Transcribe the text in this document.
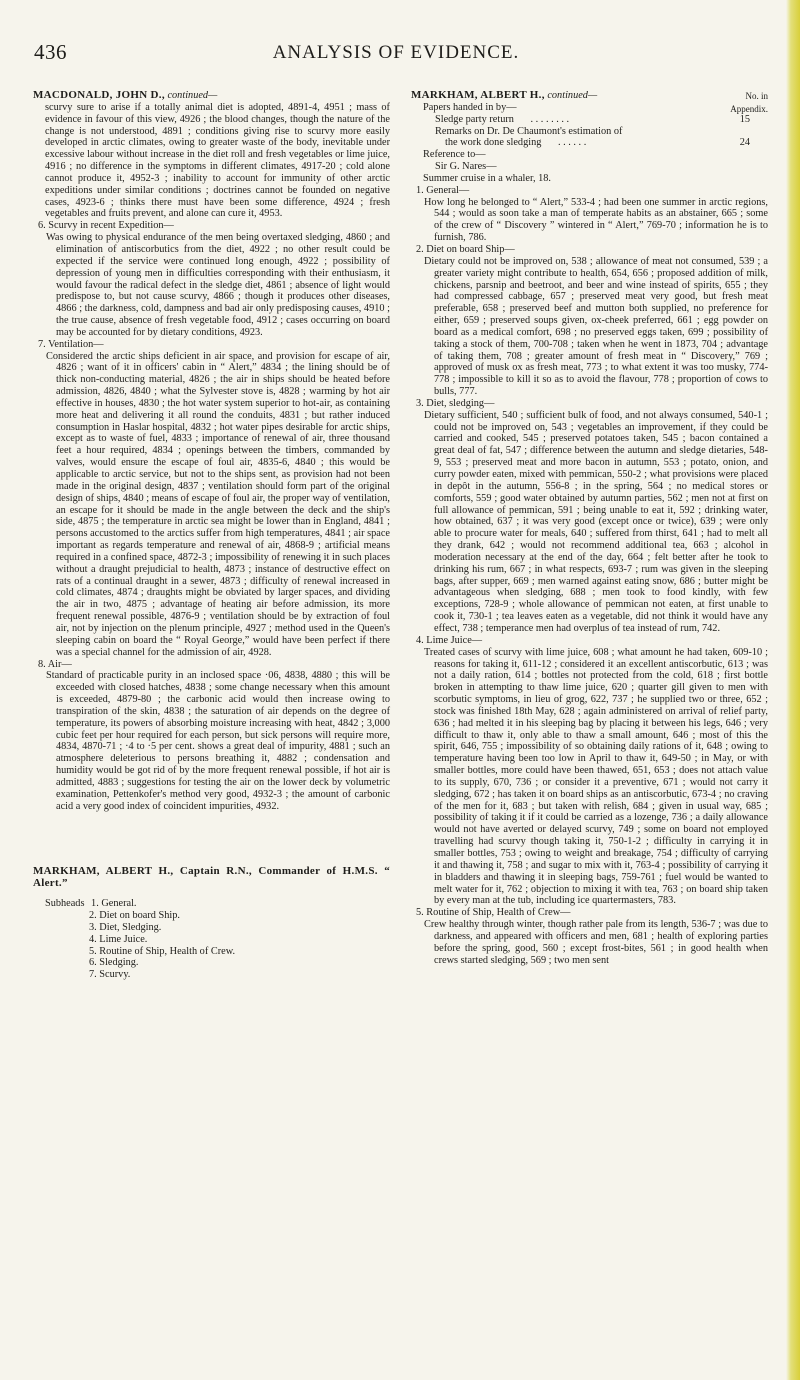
436	ANALYSIS OF EVIDENCE.

MACDONALD, JOHN D., continued—

scurvy sure to arise if a totally animal diet is adopted, 4891-4, 4951 ; mass of evidence in favour of this view, 4926 ; the blood changes, though the nature of the change is not understood, 4891 ; conditions giving rise to scurvy more easily developed in arctic climates, owing to greater waste of the body, inevitable under excessive labour without increase in the diet roll and fresh vegetables or lime juice, 4916 ; no difference in the symptoms in different climates, 4917-20 ; cold alone cannot produce it, 4952-3 ; inability to account for immunity of other arctic expeditions under similar conditions ; doctrines cannot be founded on negative cases, 4923-6 ; thinks there must have been some difference, 4924 ; fresh vegetables and fruits prevent, and alone can cure it, 4953.

6. Scurvy in recent Expedition—

Was owing to physical endurance of the men being overtaxed sledging, 4860 ; and elimination of antiscorbutics from the diet, 4922 ; no other result could be expected if the service were continued long enough, 4922 ; possibility of depression of young men in difficulties corresponding with their enthusiasm, it would favour the radical defect in the sledge diet, 4861 ; absence of light would predispose to, but not cause scurvy, 4866 ; though it produces other diseases, 4866 ; the darkness, cold, dampness and bad air only predisposing causes, 4910 ; the true cause, absence of fresh vegetable food, 4912 ; cases occurring on board may be accounted for by dietary conditions, 4923.

7. Ventilation—

Considered the arctic ships deficient in air space, and provision for escape of air, 4826 ; want of it in officers' cabin in “ Alert,” 4834 ; the lining should be of thick non-conducting material, 4826 ; the air in ships should be heated before admission, 4826, 4840 ; what the Sylvester stove is, 4828 ; warming by hot air effective in houses, 4830 ; the hot water system superior to hot-air, as containing more heat and delivering it all round the conduits, 4831 ; but rather induced consumption in Haslar hospital, 4832 ; hot water pipes desirable for arctic ships, except as to waste of fuel, 4833 ; importance of renewal of air, three thousand feet a hour required, 4834 ; openings between the timbers, commanded by valves, would ensure the escape of foul air, 4835-6, 4840 ; this would be applicable to arctic service, but not to the ships sent, as provision had not been made in the original design, 4837 ; ventilation should form part of the original design of ships, 4840 ; means of escape of foul air, the proper way of ventilation, an escape for it should be made in the angle between the deck and the ship's side, 4875 ; the temperature in arctic sea might be lower than in England, 4841 ; persons accustomed to the arctics suffer from high temperatures, 4841 ; air space important as regards temperature and renewal of air, 4868-9 ; artificial means required in a confined space, 4872-3 ; impossibility of renewing it in such places without a draught prejudicial to health, 4873 ; instance of destructive effect on rats of a continual draught in a sewer, 4873 ; difficulty of renewal increased in cold climates, 4874 ; draughts might be obviated by larger spaces, and dividing the air in two, 4875 ; advantage of heating air before admission, its more frequent renewal possible, 4876-9 ; ventilation should be by extraction of foul air, not by injection on the plenum principle, 4927 ; method used in the Queen's sleeping cabin on board the “ Royal George,” would have been perfect if there was a special channel for the admission of air, 4928.

8. Air—

Standard of practicable purity in an inclosed space ·06, 4838, 4880 ; this will be exceeded with closed hatches, 4838 ; some change necessary when this amount is exceeded, 4879-80 ; the carbonic acid would then increase owing to transpiration of the skin, 4838 ; the saturation of air depends on the degree of temperature, its powers of absorbing moisture increasing with heat, 4842 ; 3,000 cubic feet per hour required for each person, but sick persons will require more, 4834, 4870-71 ; ·4 to ·5 per cent. shows a great deal of impurity, 4881 ; such an atmosphere deleterious to persons breathing it, 4882 ; condensation and humidity would be got rid of by the more frequent renewal possible, if hot air is admitted, 4883 ; suggestions for testing the air on the lower deck by volumetric examination, Pettenkofer's method very good, 4932-3 ; the amount of carbonic acid a very good index of coincident impurities, 4932.

MARKHAM, ALBERT H., Captain R.N., Commander of H.M.S. “ Alert.”

Subheads 1. General.
2. Diet on board Ship.
3. Diet, Sledging.
4. Lime Juice.
5. Routine of Ship, Health of Crew.
6. Sledging.
7. Scurvy.

MARKHAM, ALBERT H., continued—	No. in

Papers handed in by—	Appendix.
Sledge party return . . . . . . . .	15
Remarks on Dr. De Chaumont's estimation of
the work done sledging . . . . . .	24

Reference to—

Sir G. Nares—

Summer cruise in a whaler, 18.

1. General—

How long he belonged to “ Alert,” 533-4 ; had been one summer in arctic regions, 544 ; would as soon take a man of temperate habits as an abstainer, 665 ; some of the crew of “ Discovery ” wintered in “ Alert,” 769-70 ; information he is to furnish, 786.

2. Diet on board Ship—

Dietary could not be improved on, 538 ; allowance of meat not consumed, 539 ; a greater variety might contribute to health, 654, 656 ; proposed addition of milk, chickens, parsnip and beetroot, and beer and wine instead of spirits, 655 ; they had compressed cabbage, 657 ; preserved meat very good, but fresh meat preferable, 658 ; preserved beef and mutton both supplied, no preference for either, 659 ; preserved soups given, ox-cheek preferred, 661 ; egg powder on board as a medical comfort, 698 ; no preserved eggs taken, 699 ; possibility of taking a stock of them, 700-708 ; taken when he went in 1873, 704 ; advantage of taking them, 708 ; greater amount of fresh meat in “ Discovery,” 769 ; approved of musk ox as fresh meat, 773 ; to what extent it was too musky, 774-778 ; impossible to kill it so as to avoid the flavour, 778 ; proportion of cows to bulls, 777.

3. Diet, sledging—

Dietary sufficient, 540 ; sufficient bulk of food, and not always consumed, 540-1 ; could not be improved on, 543 ; vegetables an improvement, if they could be carried and cooked, 545 ; preserved potatoes taken, 545 ; bacon contained a great deal of fat, 547 ; difference between the autumn and sledge dietaries, 548-9, 553 ; preserved meat and more bacon in autumn, 553 ; potato, onion, and curry powder eaten, mixed with pemmican, 550-2 ; what provisions were placed in depôt in the autumn, 556-8 ; in the spring, 564 ; no medical stores or comforts, 559 ; good water obtained by autumn parties, 562 ; men not at first on full allowance of pemmican, 591 ; being unable to eat it, 592 ; drinking water, how obtained, 637 ; it was very good (except once or twice), 639 ; were only able to procure water for meals, 640 ; suffered from thirst, 641 ; had to melt all they drank, 642 ; would not recommend additional tea, 663 ; alcohol in moderation necessary at the end of the day, 664 ; felt better after he took to drinking his rum, 667 ; in what respects, 693-7 ; rum was given in the sleeping bags, after supper, 669 ; men warned against eating snow, 686 ; butter might be advantageous when sledging, 688 ; men took to food kindly, with few exceptions, 728-9 ; whole allowance of pemmican not eaten, at first unable to cook it, 730-1 ; tea leaves eaten as a vegetable, did not think it would have any effect, 738 ; temperance men had overplus of tea instead of rum, 742.

4. Lime Juice—

Treated cases of scurvy with lime juice, 608 ; what amount he had taken, 609-10 ; reasons for taking it, 611-12 ; considered it an excellent antiscorbutic, 613 ; was not a daily ration, 614 ; bottles not protected from the cold, 618 ; first bottle broken in attempting to thaw lime juice, 620 ; quarter gill given to men with scorbutic symptoms, in lieu of grog, 622, 737 ; he supplied two or three, 652 ; stock was finished 18th May, 628 ; again administered on arrival of relief party, 636 ; had melted it in his sleeping bag by placing it between his legs, 646 ; very difficult to thaw it, only able to thaw a small amount, 646 ; most of this the spirit, 646, 755 ; impossibility of so obtaining daily rations of it, 648 ; owing to temperature having been too low in April to thaw it, 649-50 ; in May, or with smaller bottles, more could have been thawed, 651, 653 ; does not attach value to its supply, 670, 736 ; or consider it a preventive, 671 ; would not carry it sledging, 672 ; has taken it on board ships as an antiscorbutic, 673-4 ; no craving of the men for it, 683 ; but taken with relish, 684 ; given in usual way, 685 ; possibility of taking it if it could be carried as a lozenge, 736 ; a daily allowance would not have averted or delayed scurvy, 749 ; some on board not employed travelling had scurvy though taking it, 750-1-2 ; difficulty in carrying it in smaller bottles, 753 ; owing to weight and breakage, 754 ; difficulty of carrying it and thawing it, 758 ; and sugar to mix with it, 763-4 ; possibility of carrying it in bladders and thawing it in sleeping bags, 759-761 ; fuel would be wanted to melt water for it, 762 ; objection to mixing it with tea, 763 ; on board ship taken by every man at the tub, including ice quartermasters, 783.

5. Routine of Ship, Health of Crew—

Crew healthy through winter, though rather pale from its length, 536-7 ; was due to darkness, and appeared with officers and men, 681 ; health of exploring parties before the spring, good, 560 ; except frost-bites, 561 ; in good health when crews started sledging, 569 ; two men sent
